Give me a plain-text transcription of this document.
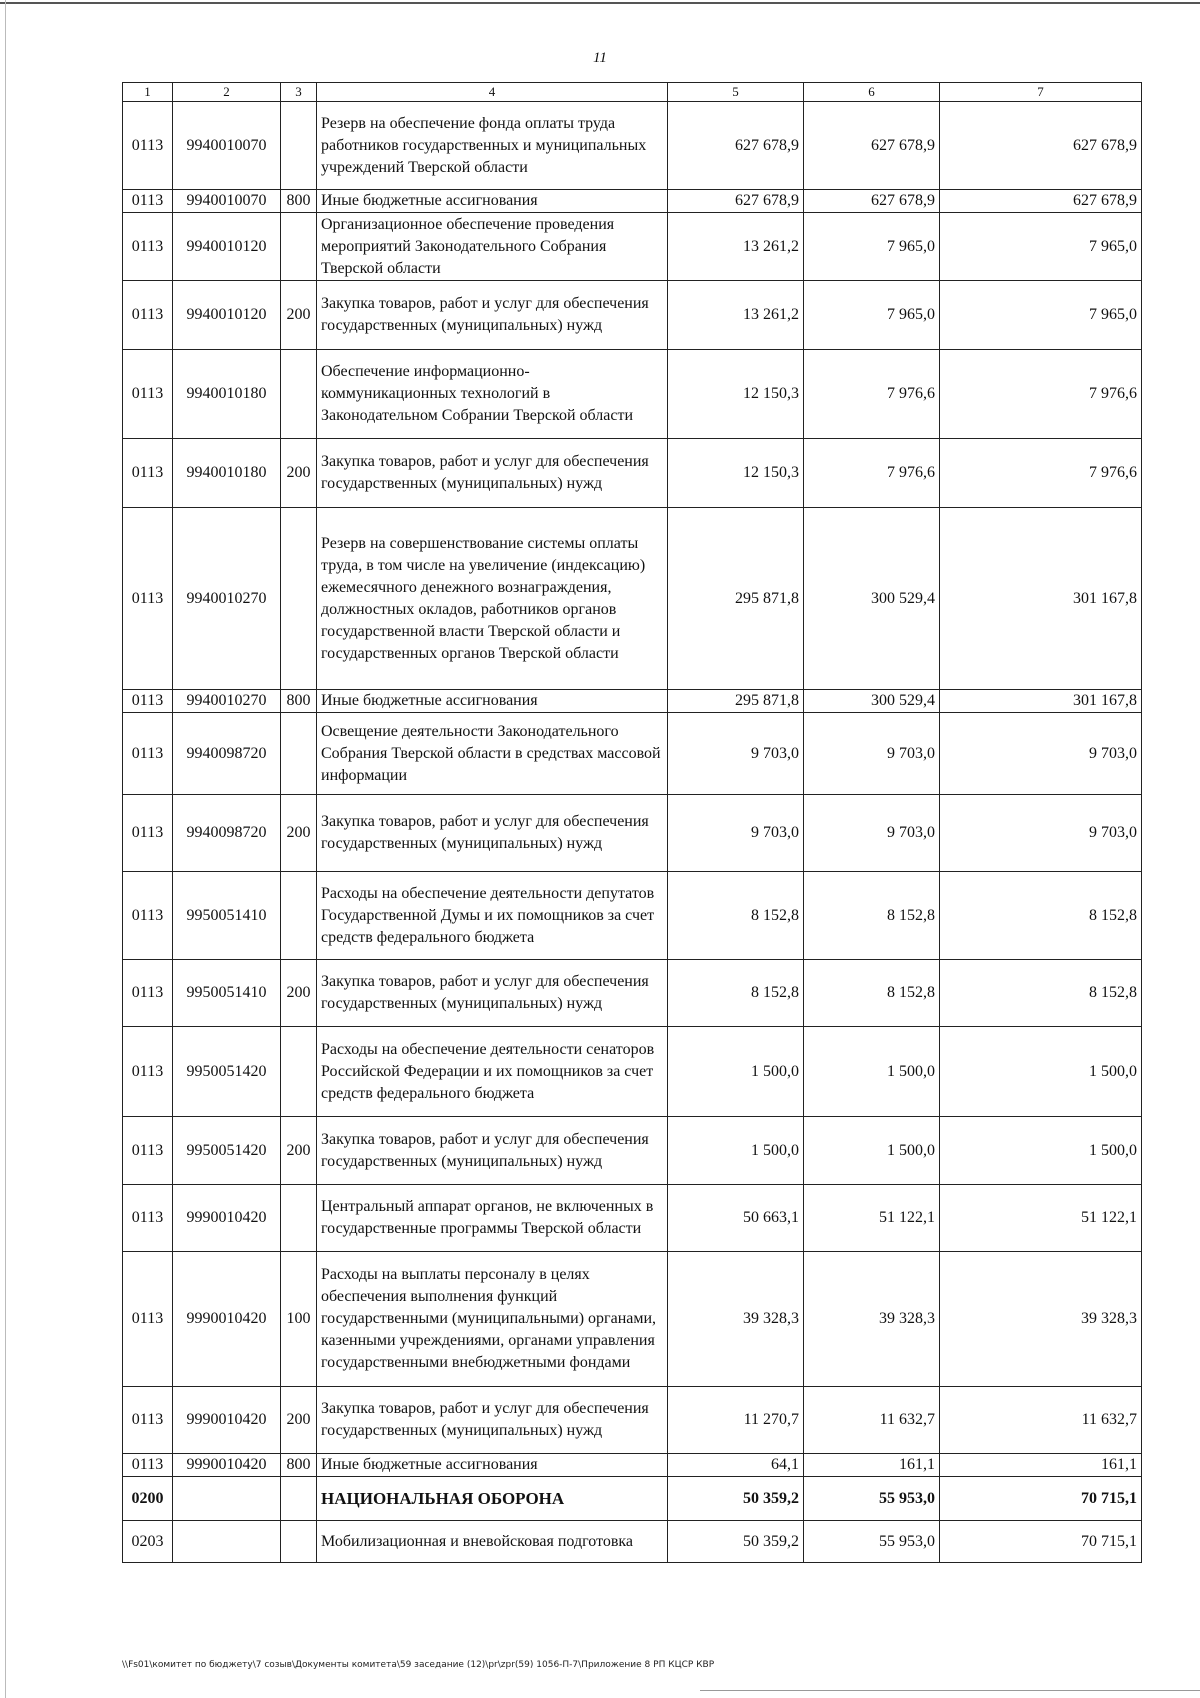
11
1	2	3	4	5	6	7
0113	9940010070		Резерв на обеспечение фонда оплаты труда работников государственных и муниципальных учреждений Тверской области	627 678,9	627 678,9	627 678,9
0113	9940010070	800	Иные бюджетные ассигнования	627 678,9	627 678,9	627 678,9
0113	9940010120		Организационное обеспечение проведения мероприятий Законодательного Собрания Тверской области	13 261,2	7 965,0	7 965,0
0113	9940010120	200	Закупка товаров, работ и услуг для обеспечения государственных (муниципальных) нужд	13 261,2	7 965,0	7 965,0
0113	9940010180		Обеспечение информационно-коммуникационных технологий в Законодательном Собрании Тверской области	12 150,3	7 976,6	7 976,6
0113	9940010180	200	Закупка товаров, работ и услуг для обеспечения государственных (муниципальных) нужд	12 150,3	7 976,6	7 976,6
0113	9940010270		Резерв на совершенствование системы оплаты труда, в том числе на увеличение (индексацию) ежемесячного денежного вознаграждения, должностных окладов, работников органов государственной власти Тверской области и государственных органов Тверской области	295 871,8	300 529,4	301 167,8
0113	9940010270	800	Иные бюджетные ассигнования	295 871,8	300 529,4	301 167,8
0113	9940098720		Освещение деятельности Законодательного Собрания Тверской области в средствах массовой информации	9 703,0	9 703,0	9 703,0
0113	9940098720	200	Закупка товаров, работ и услуг для обеспечения государственных (муниципальных) нужд	9 703,0	9 703,0	9 703,0
0113	9950051410		Расходы на обеспечение деятельности депутатов Государственной Думы и их помощников за счет средств федерального бюджета	8 152,8	8 152,8	8 152,8
0113	9950051410	200	Закупка товаров, работ и услуг для обеспечения государственных (муниципальных) нужд	8 152,8	8 152,8	8 152,8
0113	9950051420		Расходы на обеспечение деятельности сенаторов Российской Федерации и их помощников за счет средств федерального бюджета	1 500,0	1 500,0	1 500,0
0113	9950051420	200	Закупка товаров, работ и услуг для обеспечения государственных (муниципальных) нужд	1 500,0	1 500,0	1 500,0
0113	9990010420		Центральный аппарат органов, не включенных в государственные программы Тверской области	50 663,1	51 122,1	51 122,1
0113	9990010420	100	Расходы на выплаты персоналу в целях обеспечения выполнения функций государственными (муниципальными) органами, казенными учреждениями, органами управления государственными внебюджетными фондами	39 328,3	39 328,3	39 328,3
0113	9990010420	200	Закупка товаров, работ и услуг для обеспечения государственных (муниципальных) нужд	11 270,7	11 632,7	11 632,7
0113	9990010420	800	Иные бюджетные ассигнования	64,1	161,1	161,1
0200			НАЦИОНАЛЬНАЯ ОБОРОНА	50 359,2	55 953,0	70 715,1
0203			Мобилизационная и вневойсковая подготовка	50 359,2	55 953,0	70 715,1
\\Fs01\комитет по бюджету\7 созыв\Документы комитета\59 заседание (12)\pr\zpr(59) 1056-П-7\Приложение 8 РП КЦСР КВР
